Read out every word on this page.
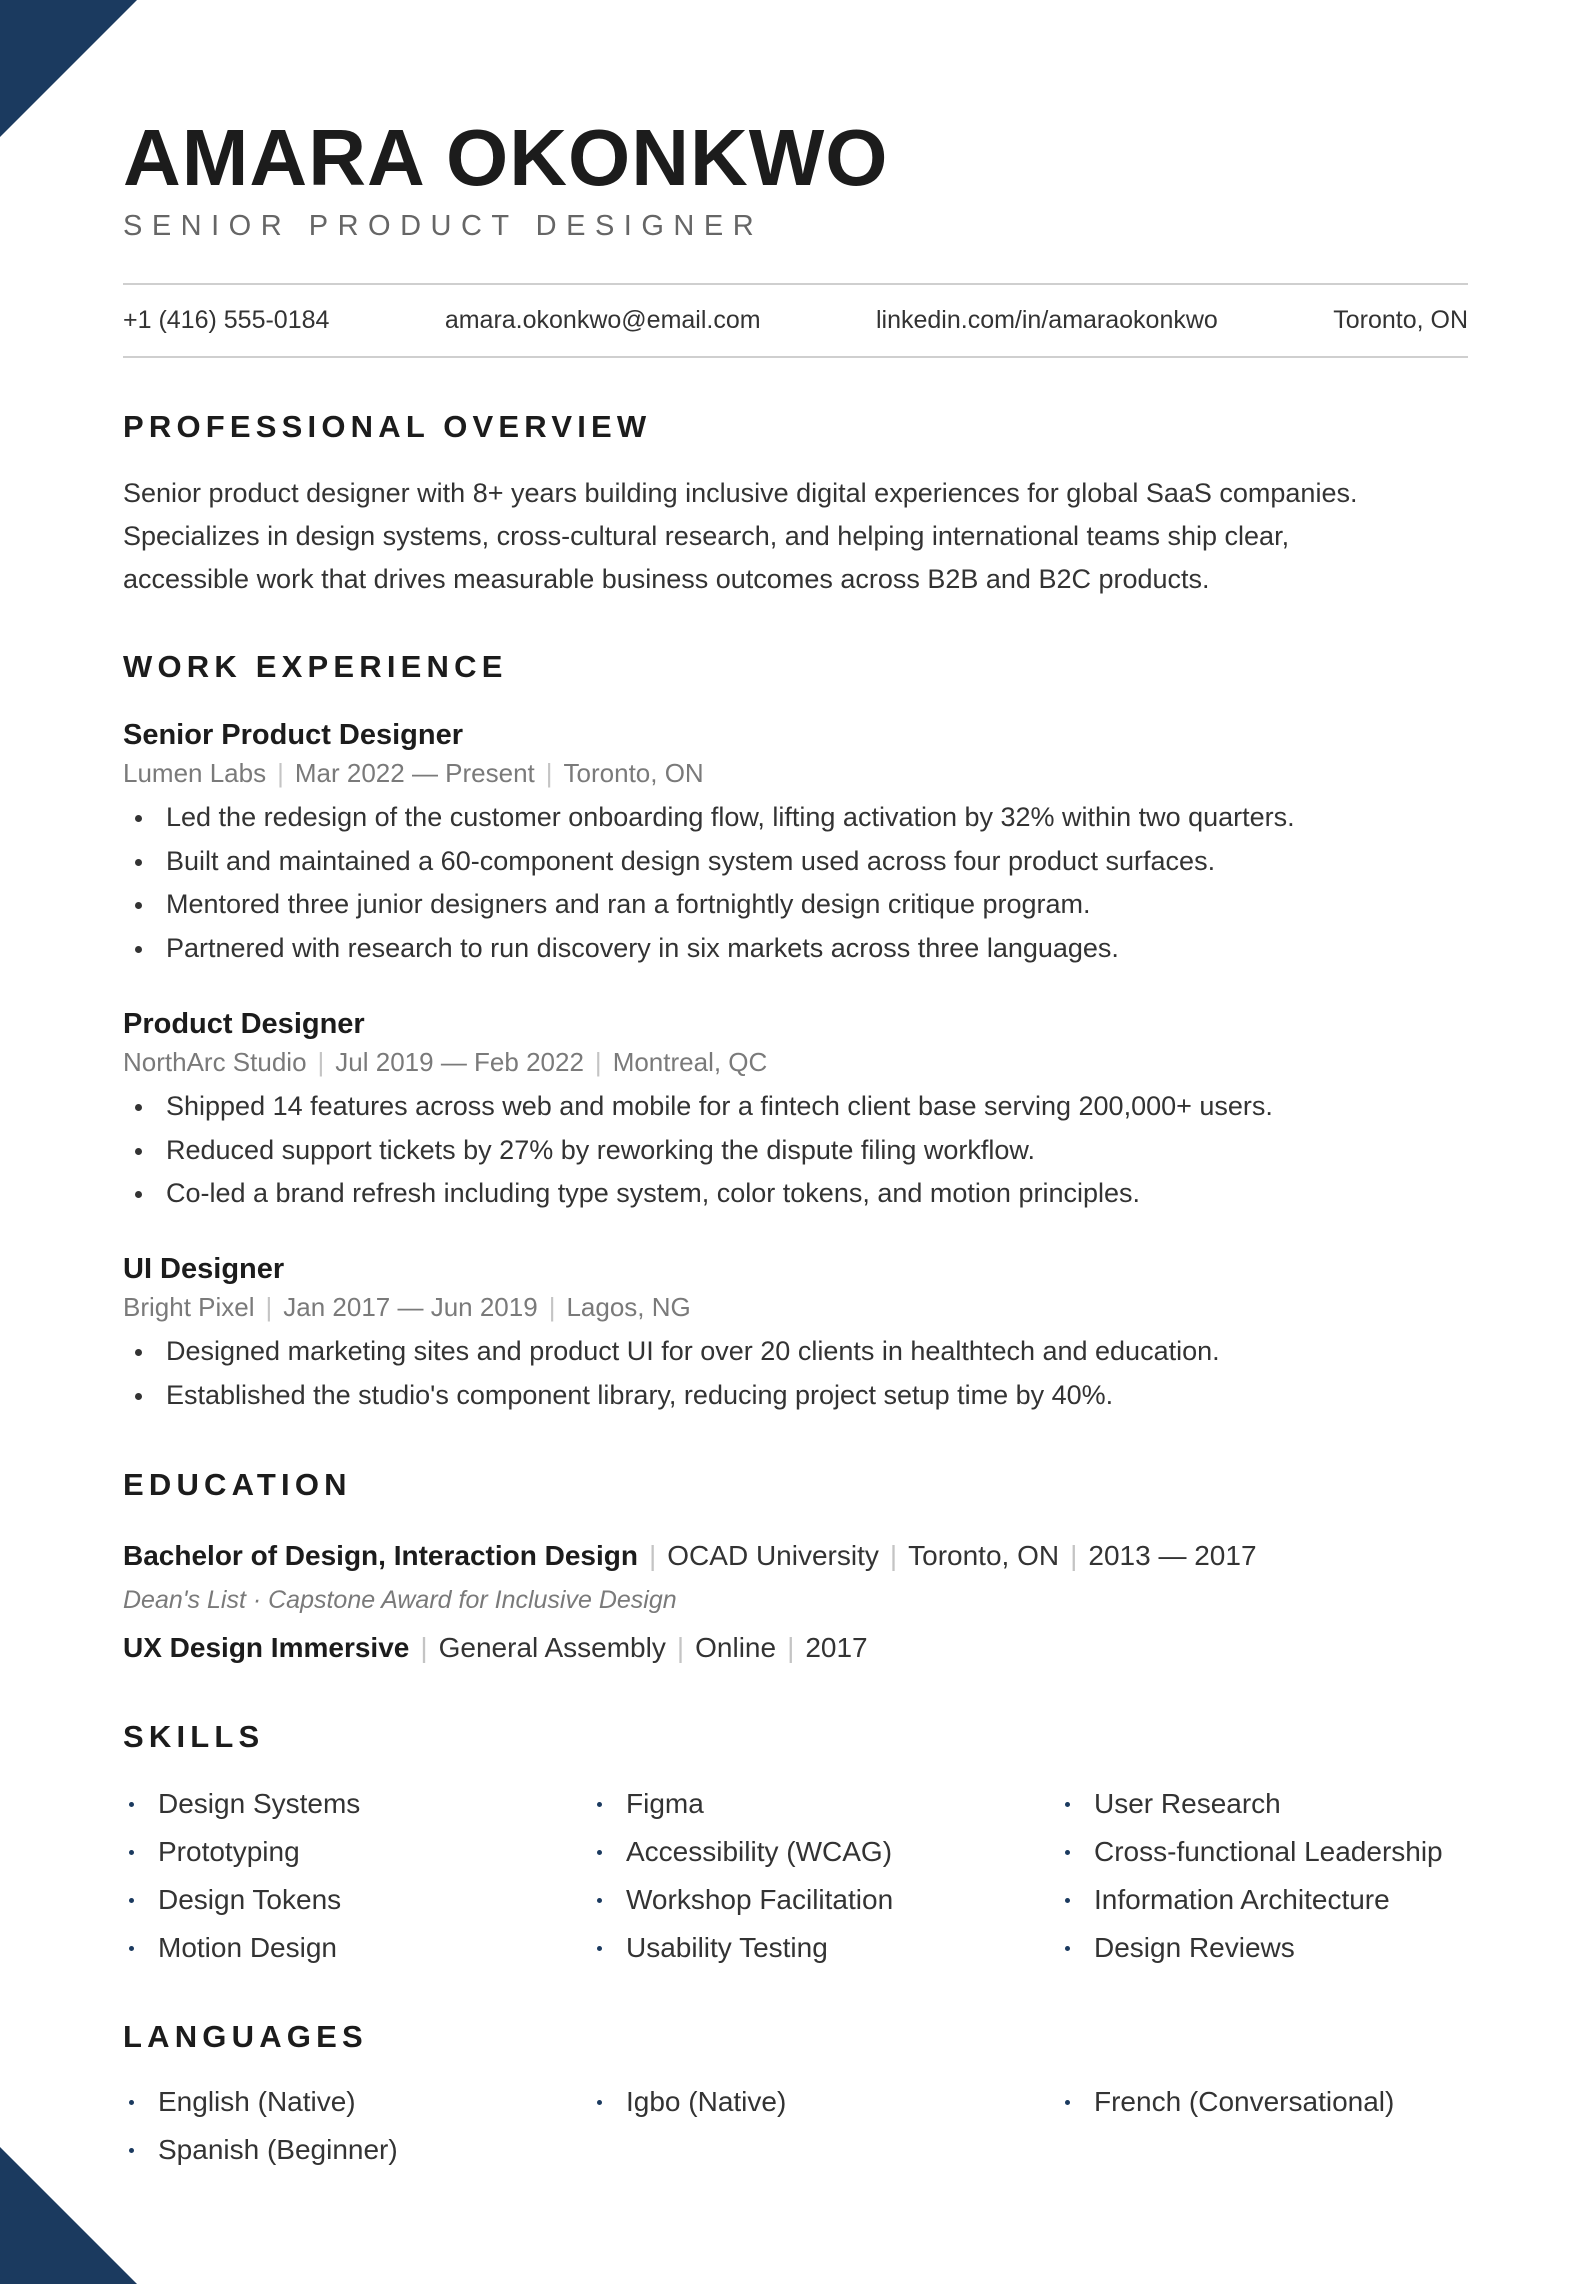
AMARA OKONKWO
SENIOR PRODUCT DESIGNER
+1 (416) 555-0184	amara.okonkwo@email.com	linkedin.com/in/amaraokonkwo	Toronto, ON
PROFESSIONAL OVERVIEW

Senior product designer with 8+ years building inclusive digital experiences for global SaaS companies.

Specializes in design systems, cross-cultural research, and helping international teams ship clear,

accessible work that drives measurable business outcomes across B2B and B2C products.

WORK EXPERIENCE
Senior Product Designer
Lumen Labs | Mar 2022 — Present | Toronto, ON
Led the redesign of the customer onboarding flow, lifting activation by 32% within two quarters.
Built and maintained a 60-component design system used across four product surfaces.
Mentored three junior designers and ran a fortnightly design critique program.
Partnered with research to run discovery in six markets across three languages.
Product Designer
NorthArc Studio | Jul 2019 — Feb 2022 | Montreal, QC
Shipped 14 features across web and mobile for a fintech client base serving 200,000+ users.
Reduced support tickets by 27% by reworking the dispute filing workflow.
Co-led a brand refresh including type system, color tokens, and motion principles.
UI Designer
Bright Pixel | Jan 2017 — Jun 2019 | Lagos, NG
Designed marketing sites and product UI for over 20 clients in healthtech and education.
Established the studio's component library, reducing project setup time by 40%.
EDUCATION
Bachelor of Design, Interaction Design | OCAD University | Toronto, ON | 2013 — 2017
Dean's List · Capstone Award for Inclusive Design
UX Design Immersive | General Assembly | Online | 2017
SKILLS
Design Systems	Figma	User Research
Prototyping	Accessibility (WCAG)	Cross-functional Leadership
Design Tokens	Workshop Facilitation	Information Architecture
Motion Design	Usability Testing	Design Reviews
LANGUAGES
English (Native)	Igbo (Native)	French (Conversational)
Spanish (Beginner)
